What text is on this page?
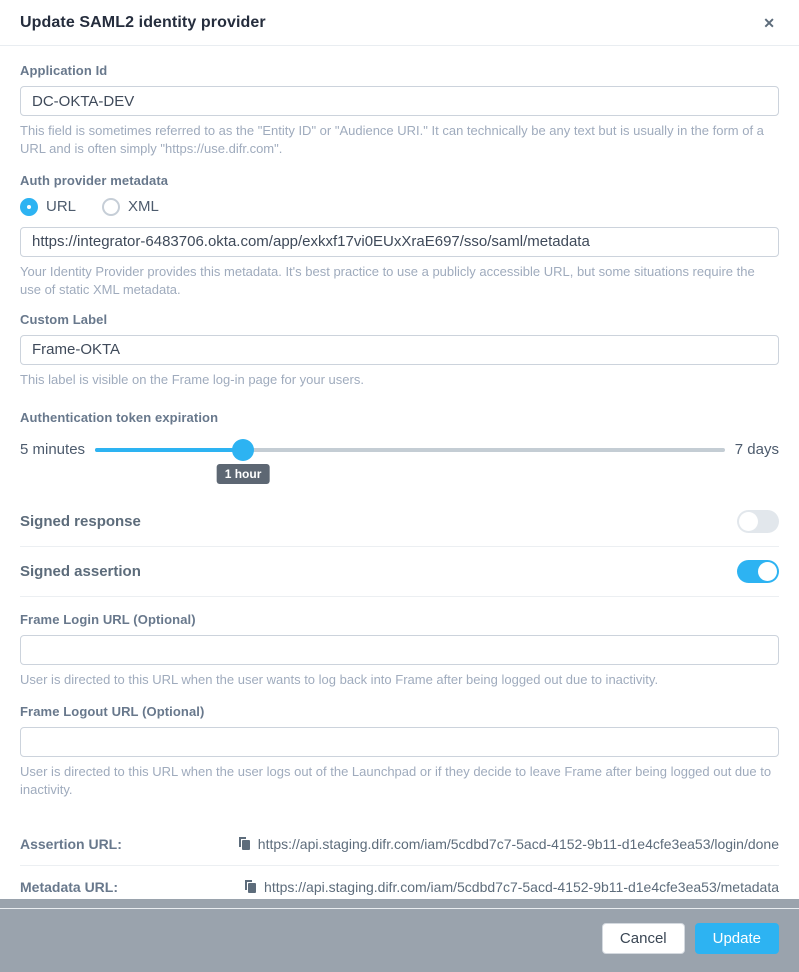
Update SAML2 identity provider	✕
Application Id
DC-OKTA-DEV
This field is sometimes referred to as the "Entity ID" or "Audience URI." It can technically be any text but is usually in the form of a URL and is often simply "https://use.difr.com".
Auth provider metadata
URL	XML
https://integrator-6483706.okta.com/app/exkxf17vi0EUxXraE697/sso/saml/metadata
Your Identity Provider provides this metadata. It's best practice to use a publicly accessible URL, but some situations require the use of static XML metadata.
Custom Label
Frame-OKTA
This label is visible on the Frame log-in page for your users.
Authentication token expiration
5 minutes
1 hour
7 days
Signed response
Signed assertion
Frame Login URL (Optional)
User is directed to this URL when the user wants to log back into Frame after being logged out due to inactivity.
Frame Logout URL (Optional)
User is directed to this URL when the user logs out of the Launchpad or if they decide to leave Frame after being logged out due to inactivity.
Assertion URL:	https://api.staging.difr.com/iam/5cdbd7c7-5acd-4152-9b11-d1e4cfe3ea53/login/done
Metadata URL:	https://api.staging.difr.com/iam/5cdbd7c7-5acd-4152-9b11-d1e4cfe3ea53/metadata
Cancel	Update
